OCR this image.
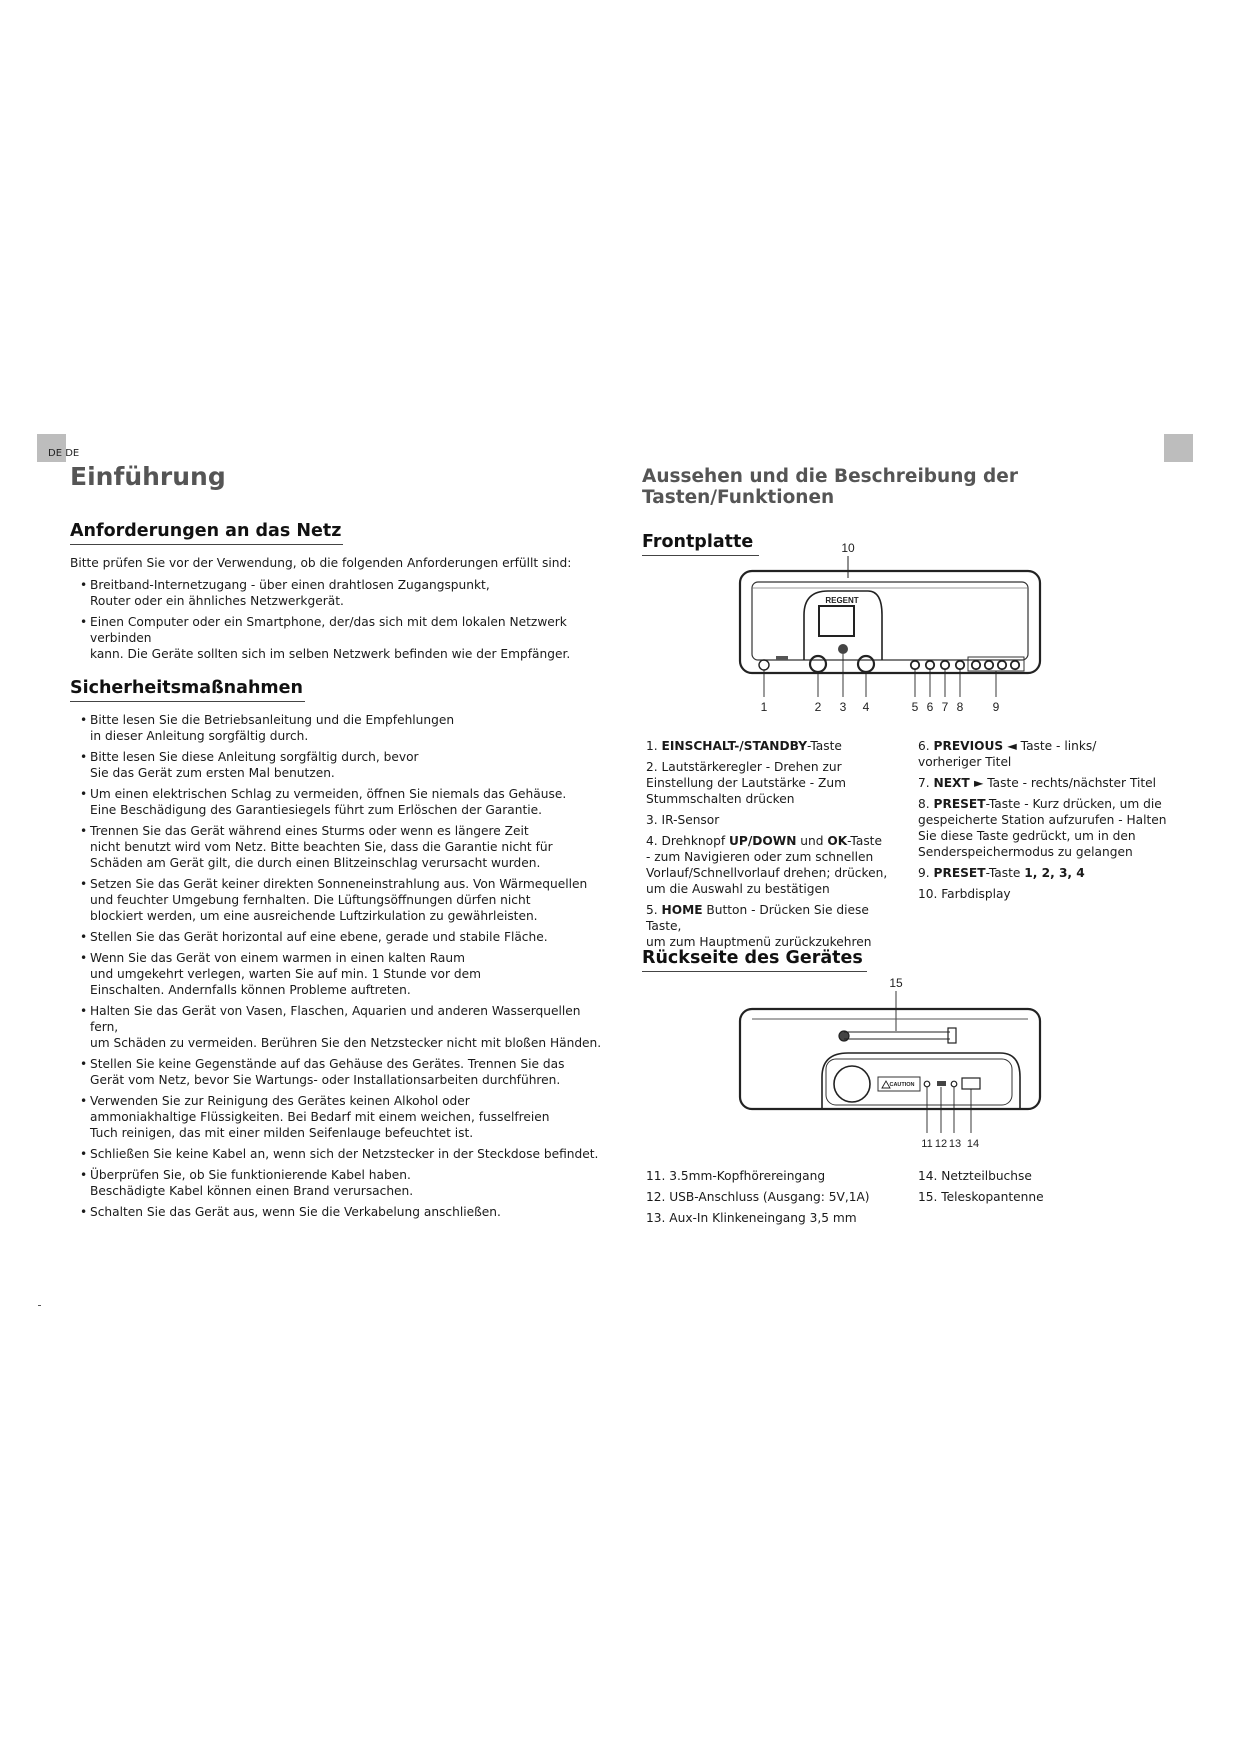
DE DE
Einführung
Anforderungen an das Netz

Bitte prüfen Sie vor der Verwendung, ob die folgenden Anforderungen erfüllt sind:

• Breitband-Internetzugang - über einen drahtlosen Zugangspunkt,
Router oder ein ähnliches Netzwerkgerät.
• Einen Computer oder ein Smartphone, der/das sich mit dem lokalen Netzwerk verbinden
kann. Die Geräte sollten sich im selben Netzwerk befinden wie der Empfänger.
Sicherheitsmaßnahmen
• Bitte lesen Sie die Betriebsanleitung und die Empfehlungen
in dieser Anleitung sorgfältig durch.
• Bitte lesen Sie diese Anleitung sorgfältig durch, bevor
Sie das Gerät zum ersten Mal benutzen.
• Um einen elektrischen Schlag zu vermeiden, öffnen Sie niemals das Gehäuse.
Eine Beschädigung des Garantiesiegels führt zum Erlöschen der Garantie.
• Trennen Sie das Gerät während eines Sturms oder wenn es längere Zeit
nicht benutzt wird vom Netz. Bitte beachten Sie, dass die Garantie nicht für
Schäden am Gerät gilt, die durch einen Blitzeinschlag verursacht wurden.
• Setzen Sie das Gerät keiner direkten Sonneneinstrahlung aus. Von Wärmequellen
und feuchter Umgebung fernhalten. Die Lüftungsöffnungen dürfen nicht
blockiert werden, um eine ausreichende Luftzirkulation zu gewährleisten.
• Stellen Sie das Gerät horizontal auf eine ebene, gerade und stabile Fläche.
• Wenn Sie das Gerät von einem warmen in einen kalten Raum
und umgekehrt verlegen, warten Sie auf min. 1 Stunde vor dem
Einschalten. Andernfalls können Probleme auftreten.
• Halten Sie das Gerät von Vasen, Flaschen, Aquarien und anderen Wasserquellen fern,
um Schäden zu vermeiden. Berühren Sie den Netzstecker nicht mit bloßen Händen.
• Stellen Sie keine Gegenstände auf das Gehäuse des Gerätes. Trennen Sie das
Gerät vom Netz, bevor Sie Wartungs- oder Installationsarbeiten durchführen.
• Verwenden Sie zur Reinigung des Gerätes keinen Alkohol oder
ammoniakhaltige Flüssigkeiten. Bei Bedarf mit einem weichen, fusselfreien
Tuch reinigen, das mit einer milden Seifenlauge befeuchtet ist.
• Schließen Sie keine Kabel an, wenn sich der Netzstecker in der Steckdose befindet.
• Überprüfen Sie, ob Sie funktionierende Kabel haben.
Beschädigte Kabel können einen Brand verursachen.
• Schalten Sie das Gerät aus, wenn Sie die Verkabelung anschließen.

Aussehen und die Beschreibung der Tasten/Funktionen

Frontplatte	10
REGENT
1	2 3 4	5 6 7 8 9
1. EINSCHALT-/STANDBY-Taste
2. Lautstärkeregler - Drehen zur
Einstellung der Lautstärke - Zum
Stummschalten drücken
3. IR-Sensor
4. Drehknopf UP/DOWN und OK-Taste
- zum Navigieren oder zum schnellen
Vorlauf/Schnellvorlauf drehen; drücken,
um die Auswahl zu bestätigen
5. HOME Button - Drücken Sie diese Taste,
um zum Hauptmenü zurückzukehren
6. PREVIOUS ◄ Taste - links/
vorheriger Titel
7. NEXT ► Taste - rechts/nächster Titel
8. PRESET-Taste - Kurz drücken, um die
gespeicherte Station aufzurufen - Halten
Sie diese Taste gedrückt, um in den
Senderspeichermodus zu gelangen
9. PRESET-Taste 1, 2, 3, 4
10. Farbdisplay
Rückseite des Gerätes
15
CAUTION
11 12 13 14
11. 3.5mm-Kopfhörereingang
12. USB-Anschluss (Ausgang: 5V,1A)
13. Aux-In Klinkeneingang 3,5 mm
14. Netzteilbuchse
15. Teleskopantenne
